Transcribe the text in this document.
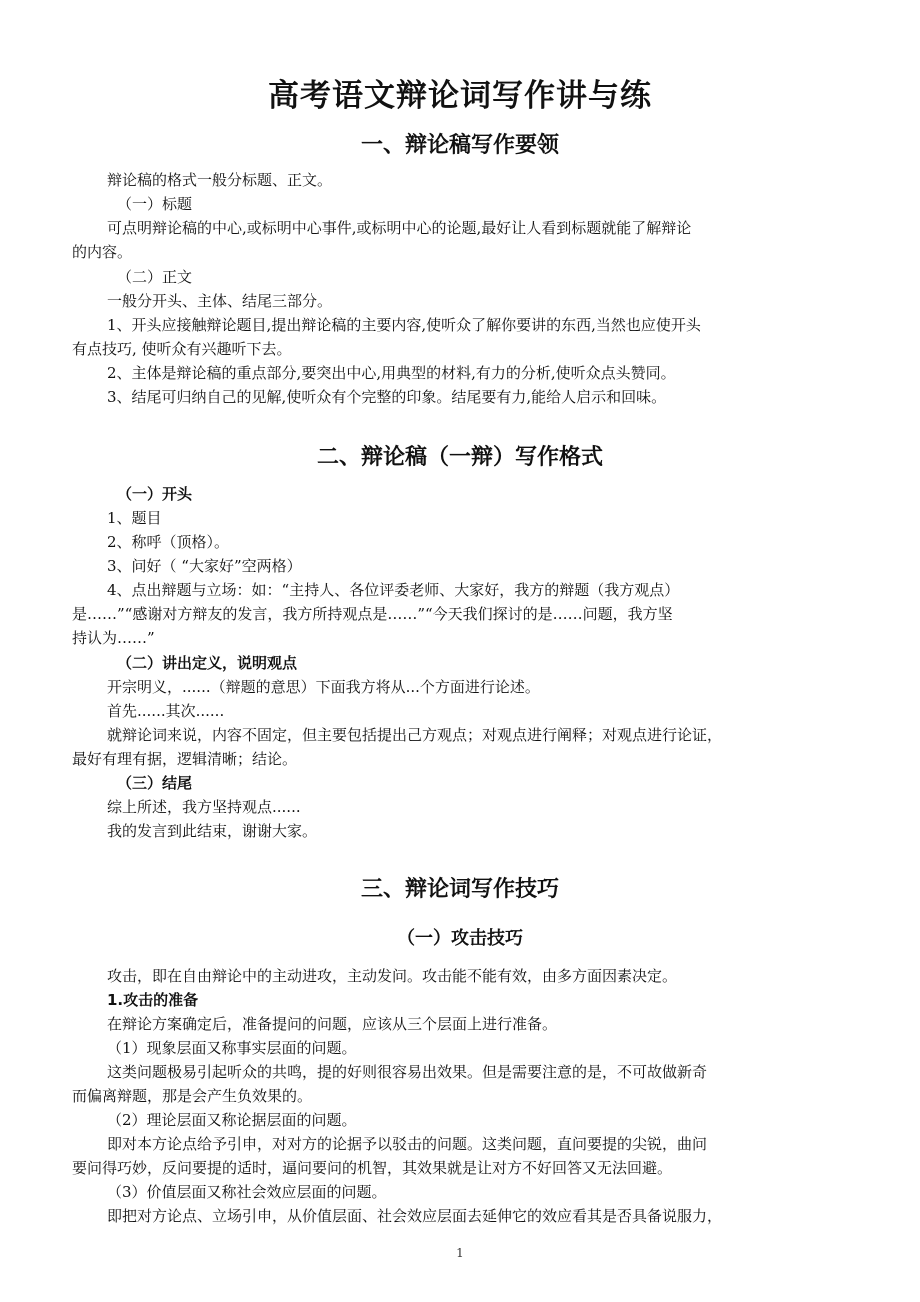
高考语文辩论词写作讲与练
一、辩论稿写作要领
辩论稿的格式一般分标题、正文。
（一）标题
可点明辩论稿的中心,或标明中心事件,或标明中心的论题,最好让人看到标题就能了解辩论
的内容。
（二）正文
一般分开头、主体、结尾三部分。
1、开头应接触辩论题目,提出辩论稿的主要内容,使听众了解你要讲的东西,当然也应使开头
有点技巧, 使听众有兴趣听下去。
2、主体是辩论稿的重点部分,要突出中心,用典型的材料,有力的分析,使听众点头赞同。
3、结尾可归纳自己的见解,使听众有个完整的印象。结尾要有力,能给人启示和回味。
二、辩论稿（一辩）写作格式
（一）开头
1、题目
2、称呼（顶格）。
3、问好（ “大家好”空两格）
4、点出辩题与立场：如：“主持人、各位评委老师、大家好，我方的辩题（我方观点）
是……”“感谢对方辩友的发言，我方所持观点是……”“今天我们探讨的是……问题，我方坚
持认为……”
（二）讲出定义，说明观点
开宗明义，......（辩题的意思）下面我方将从...个方面进行论述。
首先......其次......
就辩论词来说，内容不固定，但主要包括提出己方观点；对观点进行阐释；对观点进行论证，
最好有理有据，逻辑清晰；结论。
（三）结尾
综上所述，我方坚持观点......
我的发言到此结束，谢谢大家。
三、辩论词写作技巧
（一）攻击技巧
攻击，即在自由辩论中的主动进攻，主动发问。攻击能不能有效，由多方面因素决定。
1.攻击的准备
在辩论方案确定后，准备提问的问题，应该从三个层面上进行准备。
（1）现象层面又称事实层面的问题。
这类问题极易引起听众的共鸣，提的好则很容易出效果。但是需要注意的是，不可故做新奇
而偏离辩题，那是会产生负效果的。
（2）理论层面又称论据层面的问题。
即对本方论点给予引申，对对方的论据予以驳击的问题。这类问题，直问要提的尖锐，曲问
要问得巧妙，反问要提的适时，逼问要问的机智，其效果就是让对方不好回答又无法回避。
（3）价值层面又称社会效应层面的问题。
即把对方论点、立场引申，从价值层面、社会效应层面去延伸它的效应看其是否具备说服力，
1
